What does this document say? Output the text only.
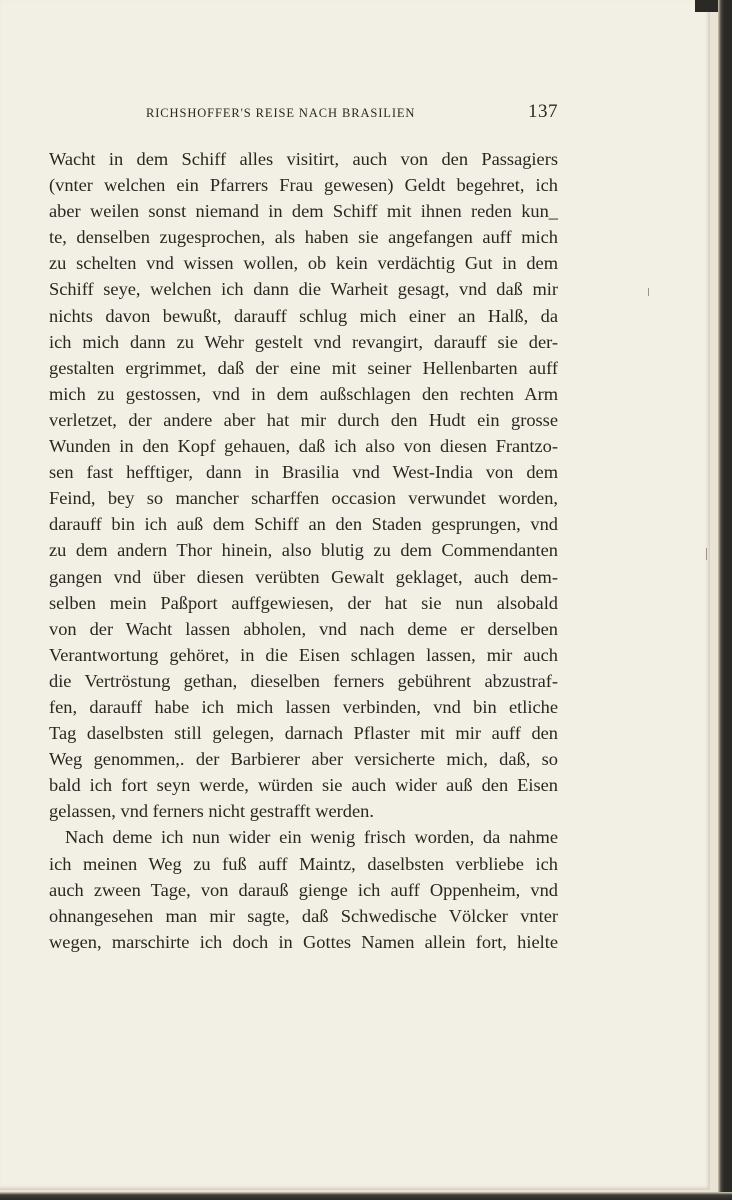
RICHSHOFFER'S REISE NACH BRASILIEN	137
Wacht in dem Schiff alles visitirt, auch von den Passagiers
(vnter welchen ein Pfarrers Frau gewesen) Geldt begehret, ich
aber weilen sonst niemand in dem Schiff mit ihnen reden kun_
te, denselben zugesprochen, als haben sie angefangen auff mich
zu schelten vnd wissen wollen, ob kein verdächtig Gut in dem
Schiff seye, welchen ich dann die Warheit gesagt, vnd daß mir
nichts davon bewußt, darauff schlug mich einer an Halß, da
ich mich dann zu Wehr gestelt vnd revangirt, darauff sie der-
gestalten ergrimmet, daß der eine mit seiner Hellenbarten auff
mich zu gestossen, vnd in dem außschlagen den rechten Arm
verletzet, der andere aber hat mir durch den Hudt ein grosse
Wunden in den Kopf gehauen, daß ich also von diesen Frantzo-
sen fast hefftiger, dann in Brasilia vnd West-India von dem
Feind, bey so mancher scharffen occasion verwundet worden,
darauff bin ich auß dem Schiff an den Staden gesprungen, vnd
zu dem andern Thor hinein, also blutig zu dem Commendanten
gangen vnd über diesen verübten Gewalt geklaget, auch dem-
selben mein Paßport auffgewiesen, der hat sie nun alsobald
von der Wacht lassen abholen, vnd nach deme er derselben
Verantwortung gehöret, in die Eisen schlagen lassen, mir auch
die Vertröstung gethan, dieselben ferners gebührent abzustraf-
fen, darauff habe ich mich lassen verbinden, vnd bin etliche
Tag daselbsten still gelegen, darnach Pflaster mit mir auff den
Weg genommen,. der Barbierer aber versicherte mich, daß, so
bald ich fort seyn werde, würden sie auch wider auß den Eisen
gelassen, vnd ferners nicht gestrafft werden.
Nach deme ich nun wider ein wenig frisch worden, da nahme
ich meinen Weg zu fuß auff Maintz, daselbsten verbliebe ich
auch zween Tage, von darauß gienge ich auff Oppenheim, vnd
ohnangesehen man mir sagte, daß Schwedische Völcker vnter
wegen, marschirte ich doch in Gottes Namen allein fort, hielte
